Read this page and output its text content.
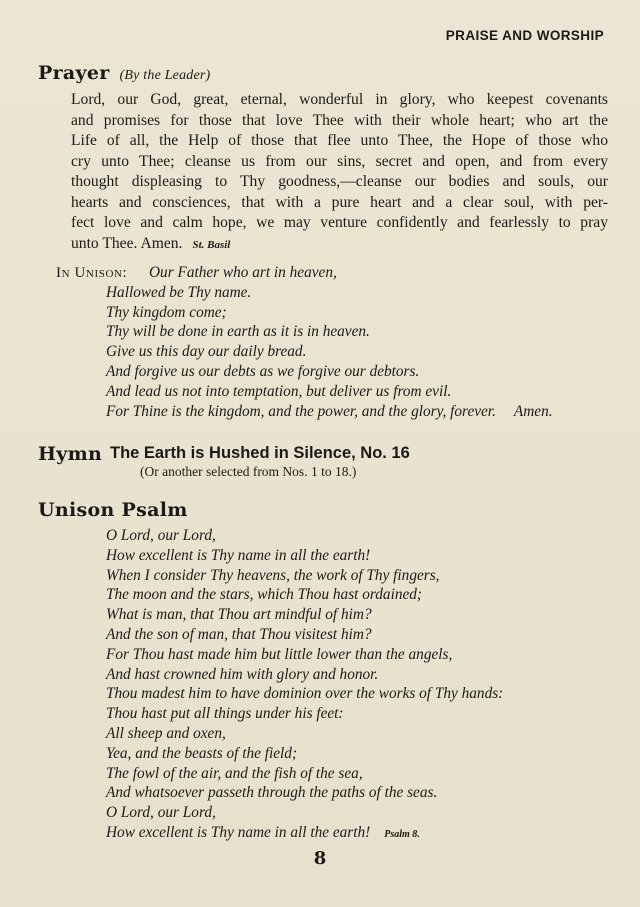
PRAISE AND WORSHIP
Prayer (By the Leader)
Lord, our God, great, eternal, wonderful in glory, who keepest covenants
and promises for those that love Thee with their whole heart; who art the
Life of all, the Help of those that flee unto Thee, the Hope of those who
cry unto Thee; cleanse us from our sins, secret and open, and from every
thought displeasing to Thy goodness,—cleanse our bodies and souls, our
hearts and consciences, that with a pure heart and a clear soul, with per-
fect love and calm hope, we may venture confidently and fearlessly to pray
unto Thee. Amen. St. Basil
In Unison: Our Father who art in heaven,
Hallowed be Thy name.
Thy kingdom come;
Thy will be done in earth as it is in heaven.
Give us this day our daily bread.
And forgive us our debts as we forgive our debtors.
And lead us not into temptation, but deliver us from evil.
For Thine is the kingdom, and the power, and the glory, forever. Amen.
Hymn The Earth is Hushed in Silence, No. 16
(Or another selected from Nos. 1 to 18.)
Unison Psalm
O Lord, our Lord,
How excellent is Thy name in all the earth!
When I consider Thy heavens, the work of Thy fingers,
The moon and the stars, which Thou hast ordained;
What is man, that Thou art mindful of him?
And the son of man, that Thou visitest him?
For Thou hast made him but little lower than the angels,
And hast crowned him with glory and honor.
Thou madest him to have dominion over the works of Thy hands:
Thou hast put all things under his feet:
All sheep and oxen,
Yea, and the beasts of the field;
The fowl of the air, and the fish of the sea,
And whatsoever passeth through the paths of the seas.
O Lord, our Lord,
How excellent is Thy name in all the earth! Psalm 8.
8
